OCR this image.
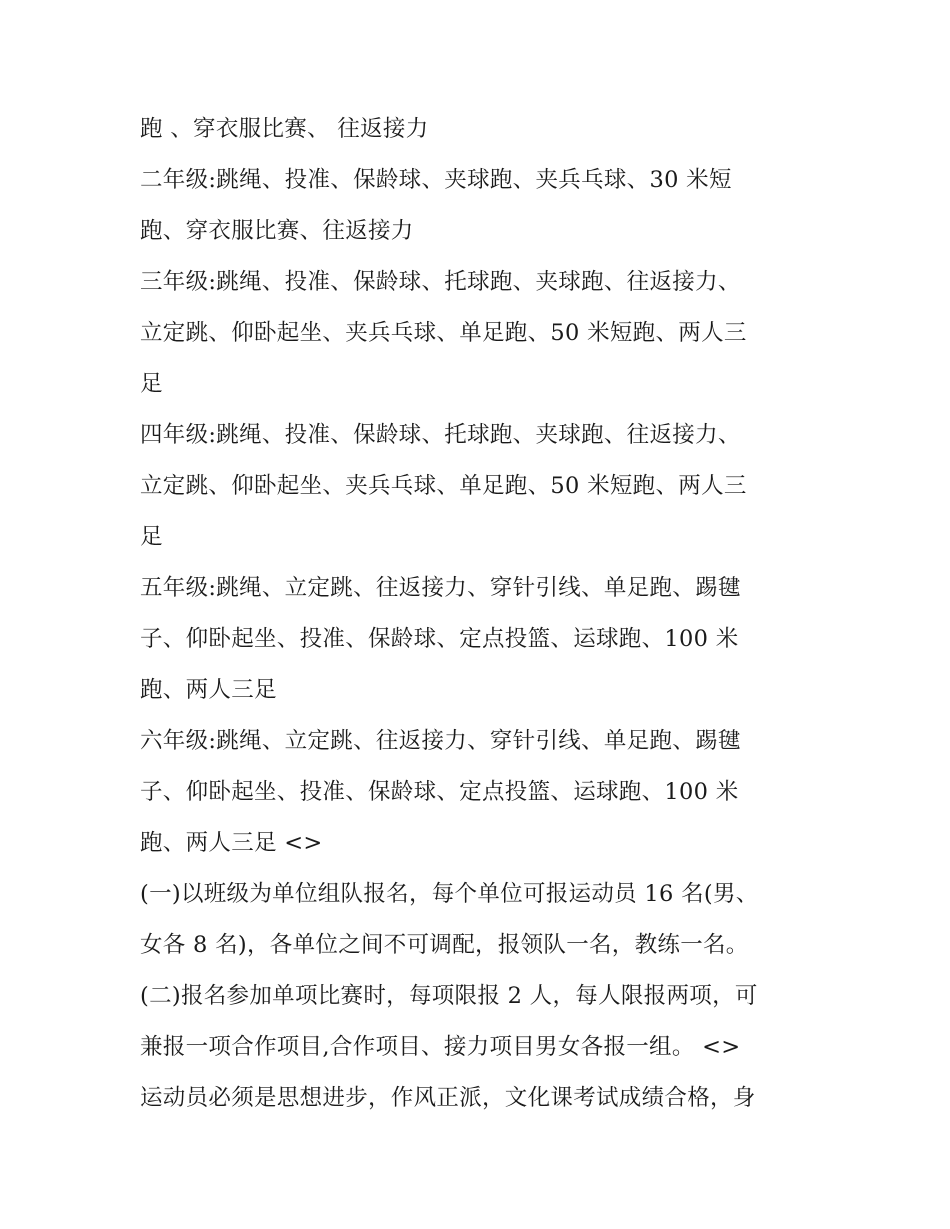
跑 、穿衣服比赛、 往返接力
二年级:跳绳、投准、保龄球、夹球跑、夹兵乓球、30 米短
跑、穿衣服比赛、往返接力
三年级:跳绳、投准、保龄球、托球跑、夹球跑、往返接力、
立定跳、仰卧起坐、夹兵乓球、单足跑、50 米短跑、两人三
足
四年级:跳绳、投准、保龄球、托球跑、夹球跑、往返接力、
立定跳、仰卧起坐、夹兵乓球、单足跑、50 米短跑、两人三
足
五年级:跳绳、立定跳、往返接力、穿针引线、单足跑、踢毽
子、仰卧起坐、投准、保龄球、定点投篮、运球跑、100 米
跑、两人三足
六年级:跳绳、立定跳、往返接力、穿针引线、单足跑、踢毽
子、仰卧起坐、投准、保龄球、定点投篮、运球跑、100 米
跑、两人三足 <>
(一)以班级为单位组队报名，每个单位可报运动员 16 名(男、
女各 8 名)，各单位之间不可调配，报领队一名，教练一名。
(二)报名参加单项比赛时，每项限报 2 人，每人限报两项，可
兼报一项合作项目,合作项目、接力项目男女各报一组。 <>
运动员必须是思想进步，作风正派，文化课考试成绩合格，身
